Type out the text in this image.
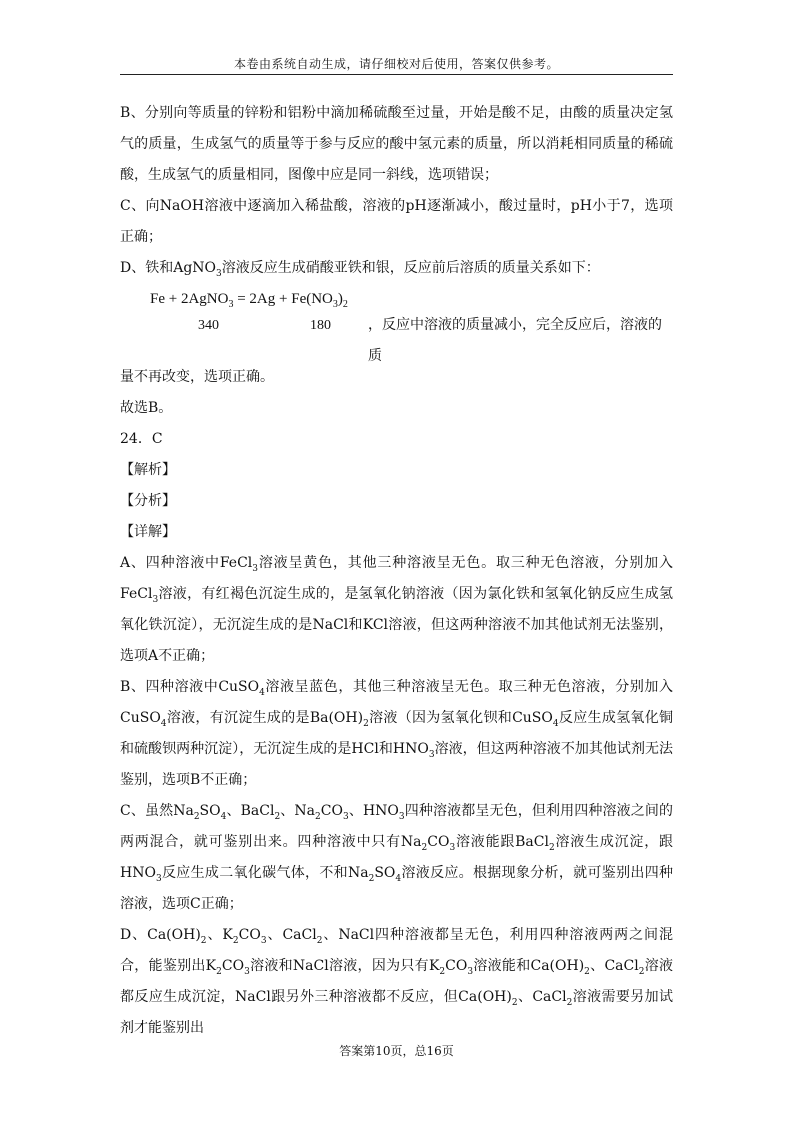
本卷由系统自动生成，请仔细校对后使用，答案仅供参考。

B、分别向等质量的锌粉和铝粉中滴加稀硫酸至过量，开始是酸不足，由酸的质量决定氢气的质量，生成氢气的质量等于参与反应的酸中氢元素的质量，所以消耗相同质量的稀硫酸，生成氢气的质量相同，图像中应是同一斜线，选项错误；

C、向NaOH溶液中逐滴加入稀盐酸，溶液的pH逐渐减小，酸过量时，pH小于7，选项正确；

D、铁和AgNO$_3$溶液反应生成硝酸亚铁和银，反应前后溶质的质量关系如下：

Fe + 2AgNO$_3$ = $2Ag + Fe(NO_3)_2$
340	180	，反应中溶液的质量减小，完全反应后，溶液的质

量不再改变，选项正确。

故选B。

24．C

【解析】

【分析】

【详解】

A、四种溶液中FeCl$_3$溶液呈黄色，其他三种溶液呈无色。取三种无色溶液，分别加入FeCl$_3$溶液，有红褐色沉淀生成的，是氢氧化钠溶液（因为氯化铁和氢氧化钠反应生成氢氧化铁沉淀），无沉淀生成的是NaCl和KCl溶液，但这两种溶液不加其他试剂无法鉴别，选项A不正确；

B、四种溶液中CuSO$_4$溶液呈蓝色，其他三种溶液呈无色。取三种无色溶液，分别加入CuSO$_4$溶液，有沉淀生成的是$Ba(OH)_2$溶液（因为氢氧化钡和CuSO$_4$反应生成氢氧化铜和硫酸钡两种沉淀），无沉淀生成的是HCl和$HNO_3$溶液，但这两种溶液不加其他试剂无法鉴别，选项B不正确；

C、虽然$Na_2SO_4$、BaCl$_2$、$Na_2CO_3$、$HNO_3$四种溶液都呈无色，但利用四种溶液之间的两两混合，就可鉴别出来。四种溶液中只有$Na_2CO_3$溶液能跟BaCl$_2$溶液生成沉淀，跟$HNO_3$反应生成二氧化碳气体，不和$Na_2SO_4$溶液反应。根据现象分析，就可鉴别出四种溶液，选项C正确；

D、$Ca(OH)_2$、$K_2CO_3$、CaCl$_2$、NaCl四种溶液都呈无色，利用四种溶液两两之间混合，能鉴别出$K_2CO_3$溶液和NaCl溶液，因为只有$K_2CO_3$溶液能和$Ca(OH)_2$、CaCl$_2$溶液都反应生成沉淀，NaCl跟另外三种溶液都不反应，但$Ca(OH)_2$、CaCl$_2$溶液需要另加试剂才能鉴别出

答案第10页，总16页
